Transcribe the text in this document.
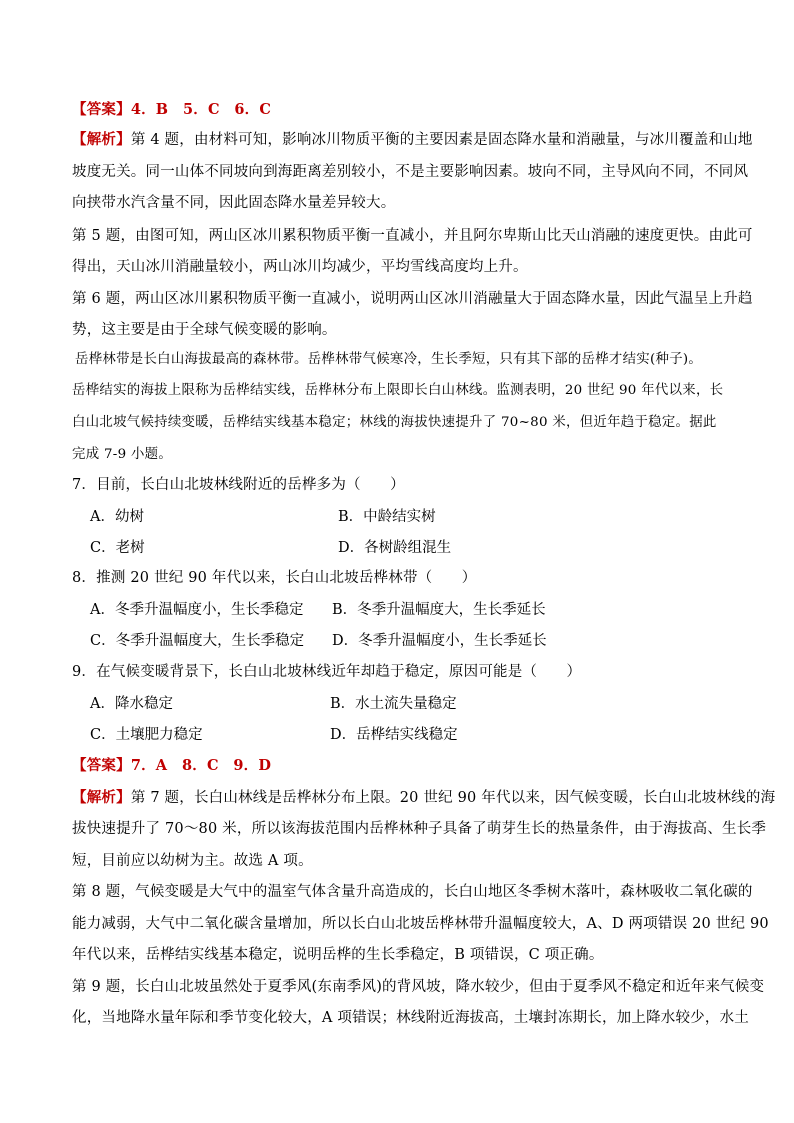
【答案】4．B　5．C　6．C
【解析】第 4 题，由材料可知，影响冰川物质平衡的主要因素是固态降水量和消融量，与冰川覆盖和山地
坡度无关。同一山体不同坡向到海距离差别较小，不是主要影响因素。坡向不同，主导风向不同，不同风
向挟带水汽含量不同，因此固态降水量差异较大。
第 5 题，由图可知，两山区冰川累积物质平衡一直减小，并且阿尔卑斯山比天山消融的速度更快。由此可
得出，天山冰川消融量较小，两山冰川均减少，平均雪线高度均上升。
第 6 题，两山区冰川累积物质平衡一直减小，说明两山区冰川消融量大于固态降水量，因此气温呈上升趋
势，这主要是由于全球气候变暖的影响。
岳桦林带是长白山海拔最高的森林带。岳桦林带气候寒冷，生长季短，只有其下部的岳桦才结实(种子)。
岳桦结实的海拔上限称为岳桦结实线，岳桦林分布上限即长白山林线。监测表明，20 世纪 90 年代以来，长
白山北坡气候持续变暖，岳桦结实线基本稳定；林线的海拔快速提升了 70~80 米，但近年趋于稳定。据此
完成 7-9 小题。
7．目前，长白山北坡林线附近的岳桦多为（　　）
A．幼树	B．中龄结实树
C．老树	D．各树龄组混生
8．推测 20 世纪 90 年代以来，长白山北坡岳桦林带（　　）
A．冬季升温幅度小，生长季稳定 B．冬季升温幅度大，生长季延长
C．冬季升温幅度大，生长季稳定 D．冬季升温幅度小，生长季延长
9．在气候变暖背景下，长白山北坡林线近年却趋于稳定，原因可能是（　　）
A．降水稳定	B．水土流失量稳定
C．土壤肥力稳定	D．岳桦结实线稳定
【答案】7．A　8．C　9．D
【解析】第 7 题，长白山林线是岳桦林分布上限。20 世纪 90 年代以来，因气候变暖，长白山北坡林线的海
拔快速提升了 70～80 米，所以该海拔范围内岳桦林种子具备了萌芽生长的热量条件，由于海拔高、生长季
短，目前应以幼树为主。故选 A 项。
第 8 题，气候变暖是大气中的温室气体含量升高造成的，长白山地区冬季树木落叶，森林吸收二氧化碳的
能力减弱，大气中二氧化碳含量增加，所以长白山北坡岳桦林带升温幅度较大，A、D 两项错误 20 世纪 90
年代以来，岳桦结实线基本稳定，说明岳桦的生长季稳定，B 项错误，C 项正确。
第 9 题，长白山北坡虽然处于夏季风(东南季风)的背风坡，降水较少，但由于夏季风不稳定和近年来气候变
化，当地降水量年际和季节变化较大，A 项错误；林线附近海拔高，土壤封冻期长，加上降水较少，水土
